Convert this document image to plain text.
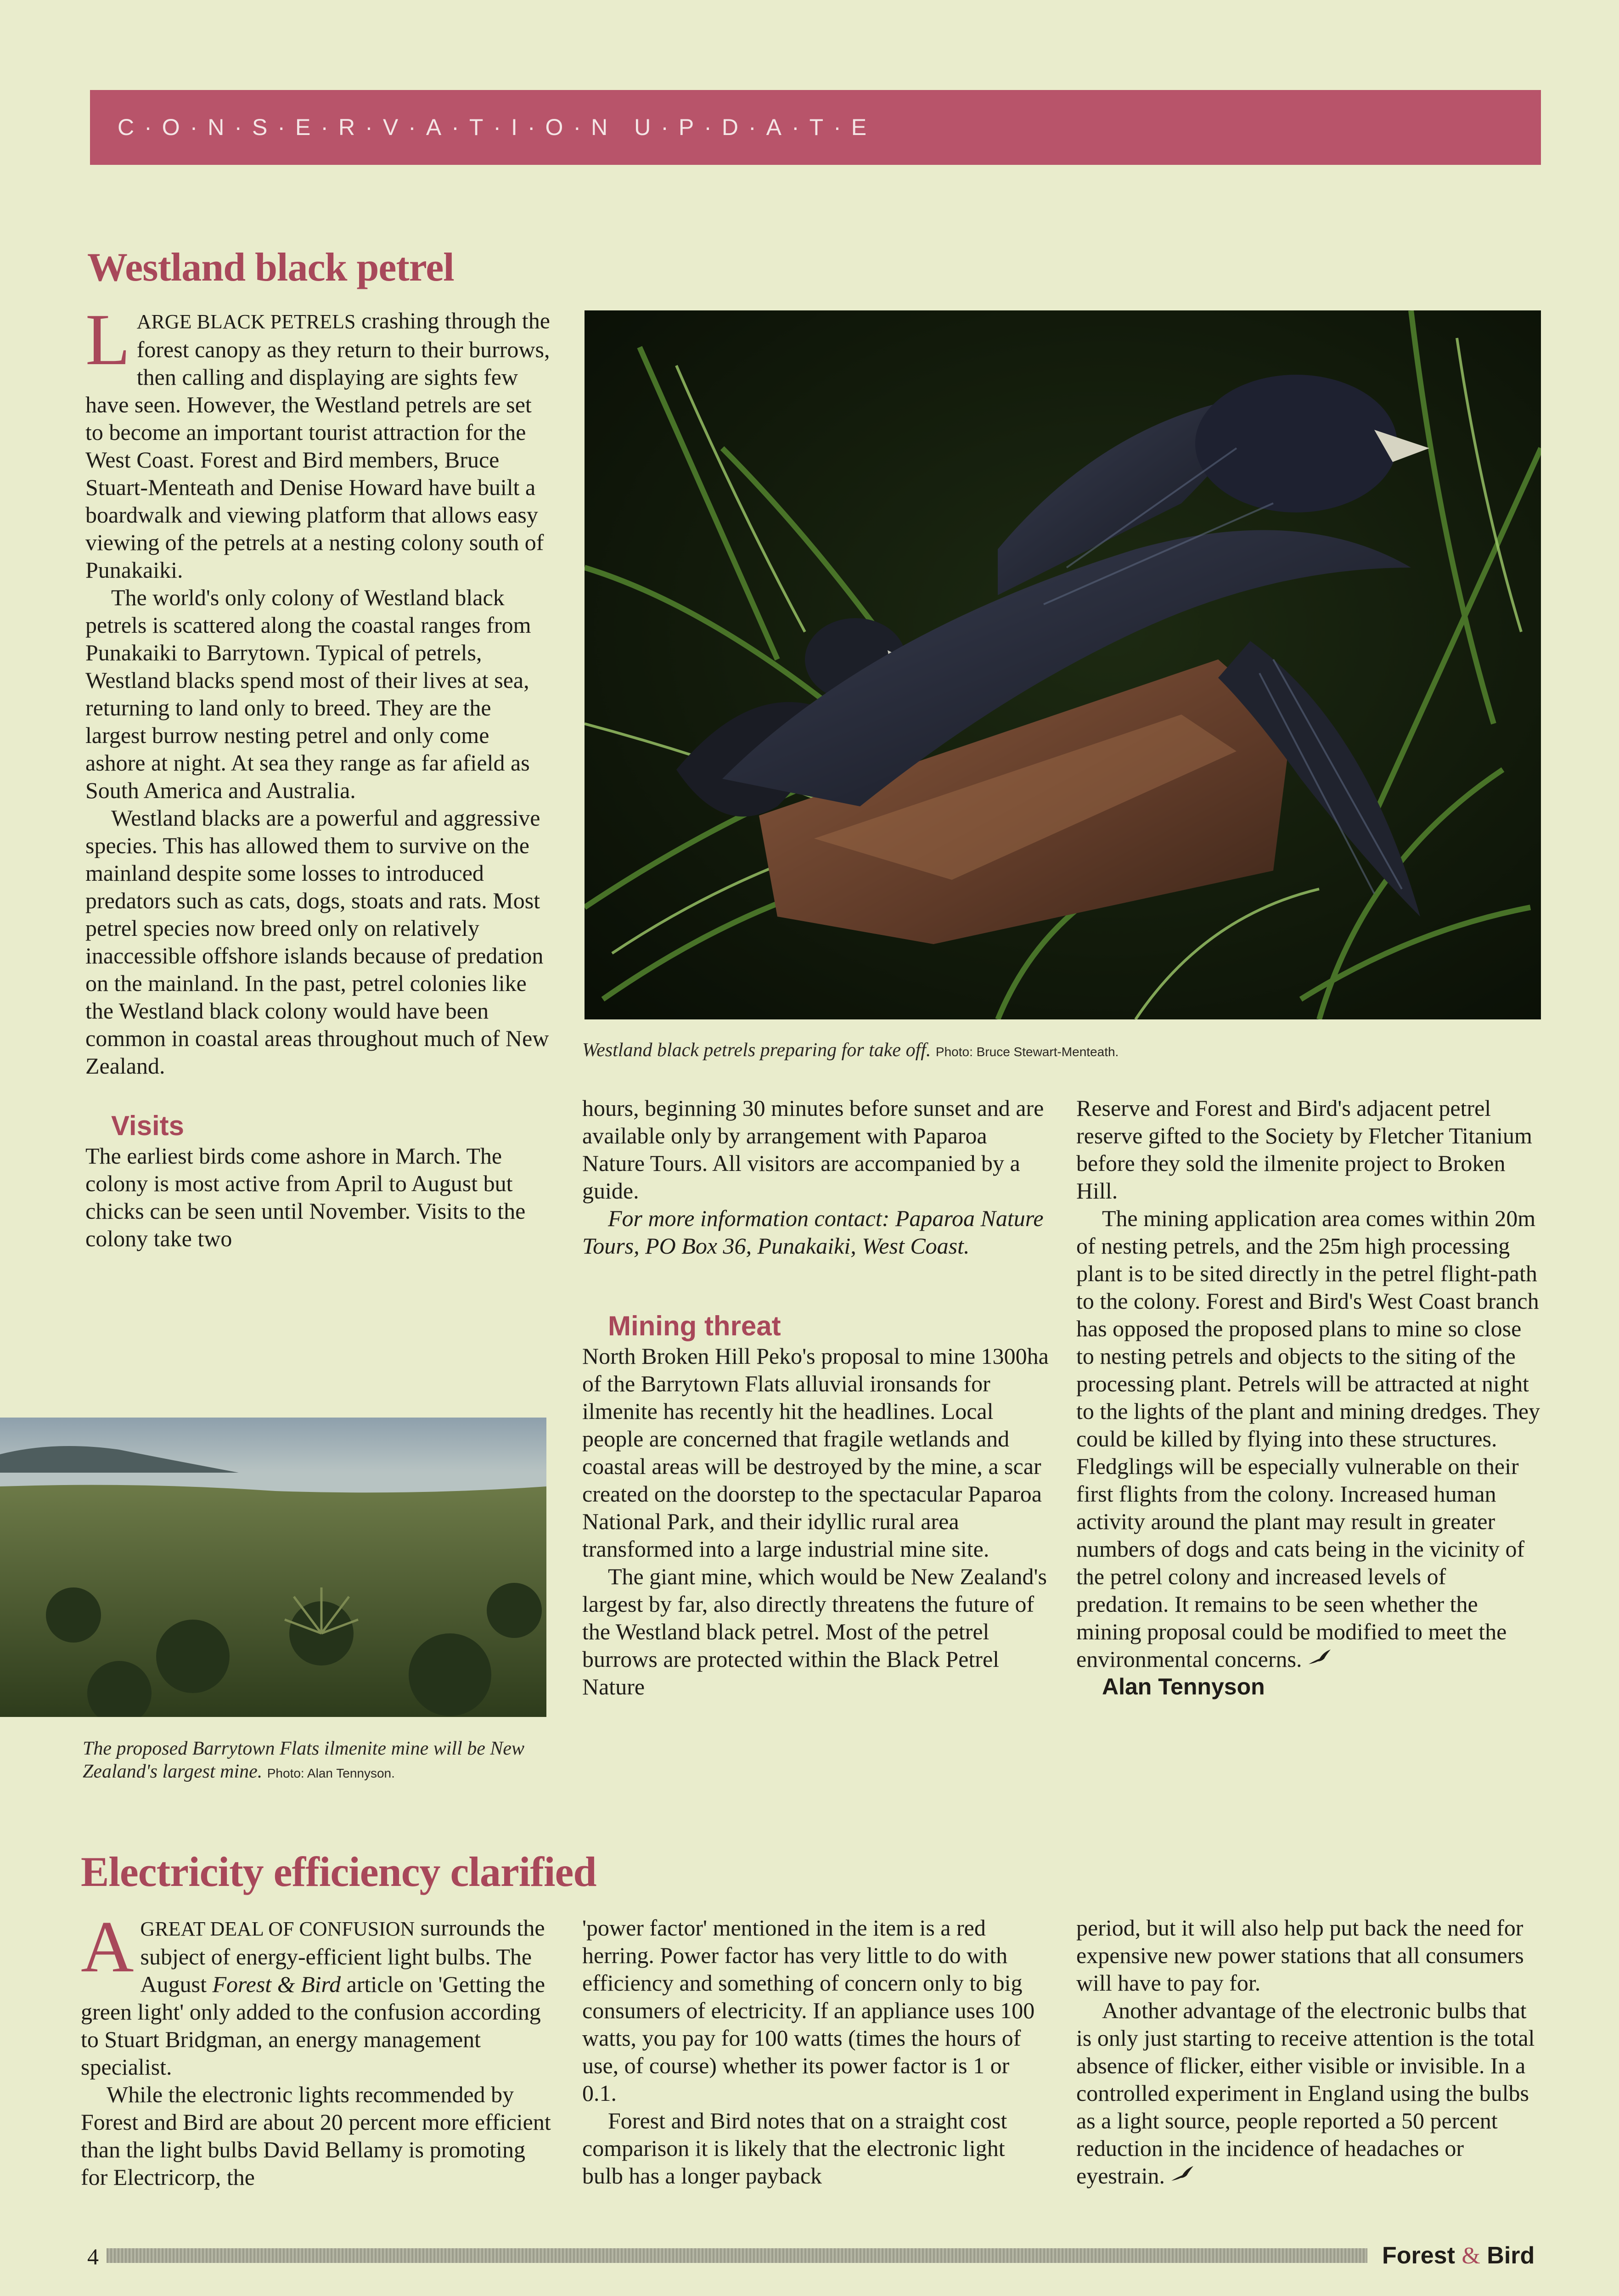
C·O·N·S·E·R·V·A·T·I·O·N U·P·D·A·T·E
Westland black petrel

LARGE BLACK PETRELS crashing through the forest canopy as they return to their burrows, then calling and displaying are sights few have seen. However, the Westland petrels are set to become an important tourist attraction for the West Coast. Forest and Bird members, Bruce Stuart-Menteath and Denise Howard have built a boardwalk and viewing platform that allows easy viewing of the petrels at a nesting colony south of Punakaiki.

The world's only colony of Westland black petrels is scattered along the coastal ranges from Punakaiki to Barrytown. Typical of petrels, Westland blacks spend most of their lives at sea, returning to land only to breed. They are the largest burrow nesting petrel and only come ashore at night. At sea they range as far afield as South America and Australia.

Westland blacks are a powerful and aggressive species. This has allowed them to survive on the mainland despite some losses to introduced predators such as cats, dogs, stoats and rats. Most petrel species now breed only on relatively inaccessible offshore islands because of predation on the mainland. In the past, petrel colonies like the Westland black colony would have been common in coastal areas throughout much of New Zealand.

Visits

The earliest birds come ashore in March. The colony is most active from April to August but chicks can be seen until November. Visits to the colony take two

Westland black petrels preparing for take off. Photo: Bruce Stewart-Menteath.
The proposed Barrytown Flats ilmenite mine will be New Zealand's largest mine. Photo: Alan Tennyson.

hours, beginning 30 minutes before sunset and are available only by arrangement with Paparoa Nature Tours. All visitors are accompanied by a guide.

For more information contact: Paparoa Nature Tours, PO Box 36, Punakaiki, West Coast.

Mining threat

North Broken Hill Peko's proposal to mine 1300ha of the Barrytown Flats alluvial ironsands for ilmenite has recently hit the headlines. Local people are concerned that fragile wetlands and coastal areas will be destroyed by the mine, a scar created on the doorstep to the spectacular Paparoa National Park, and their idyllic rural area transformed into a large industrial mine site.

The giant mine, which would be New Zealand's largest by far, also directly threatens the future of the Westland black petrel. Most of the petrel burrows are protected within the Black Petrel Nature

Reserve and Forest and Bird's adjacent petrel reserve gifted to the Society by Fletcher Titanium before they sold the ilmenite project to Broken Hill.

The mining application area comes within 20m of nesting petrels, and the 25m high processing plant is to be sited directly in the petrel flight-path to the colony. Forest and Bird's West Coast branch has opposed the proposed plans to mine so close to nesting petrels and objects to the siting of the processing plant. Petrels will be attracted at night to the lights of the plant and mining dredges. They could be killed by flying into these structures. Fledglings will be especially vulnerable on their first flights from the colony. Increased human activity around the plant may result in greater numbers of dogs and cats being in the vicinity of the petrel colony and increased levels of predation. It remains to be seen whether the mining proposal could be modified to meet the environmental concerns.

Alan Tennyson

Electricity efficiency clarified

AGREAT DEAL OF CONFUSION surrounds the subject of energy-efficient light bulbs. The August Forest & Bird article on 'Getting the green light' only added to the confusion according to Stuart Bridgman, an energy management specialist.

While the electronic lights recommended by Forest and Bird are about 20 percent more efficient than the light bulbs David Bellamy is promoting for Electricorp, the

period, but it will also help put back the need for expensive new power stations that all consumers will have to pay for.

Another advantage of the electronic bulbs that is only just starting to receive attention is the total absence of flicker, either visible or invisible. In a controlled experiment in England using the bulbs as a light source, people reported a 50 percent reduction in the incidence of headaches or eyestrain.

4	Forest & Bird

'power factor' mentioned in the item is a red herring. Power factor has very little to do with efficiency and something of concern only to big consumers of electricity. If an appliance uses 100 watts, you pay for 100 watts (times the hours of use, of course) whether its power factor is 1 or 0.1.

Forest and Bird notes that on a straight cost comparison it is likely that the electronic light bulb has a longer payback
